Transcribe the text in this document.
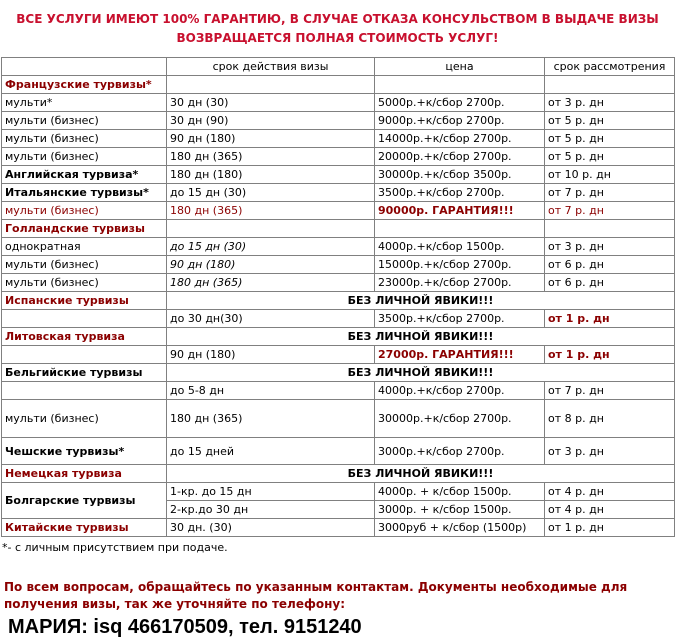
ВСЕ УСЛУГИ ИМЕЮТ 100% ГАРАНТИЮ, В СЛУЧАЕ ОТКАЗА КОНСУЛЬСТВОМ В ВЫДАЧЕ ВИЗЫ
ВОЗВРАЩАЕТСЯ ПОЛНАЯ СТОИМОСТЬ УСЛУГ!
	срок действия визы	цена	срок рассмотрения
Французские турвизы*			
мульти*	30 дн (30)	5000р.+к/сбор 2700р.	от 3 р. дн
мульти (бизнес)	30 дн (90)	9000р.+к/сбор 2700р.	от 5 р. дн
мульти (бизнес)	90 дн (180)	14000р.+к/сбор 2700р.	от 5 р. дн
мульти (бизнес)	180 дн (365)	20000р.+к/сбор 2700р.	от 5 р. дн
Английская турвиза*	180 дн (180)	30000р.+к/сбор 3500р.	от 10 р. дн
Итальянские турвизы*	до 15 дн (30)	3500р.+к/сбор 2700р.	от 7 р. дн
мульти (бизнес)	180 дн (365)	90000р. ГАРАНТИЯ!!!	от 7 р. дн
Голландские турвизы			
однократная	до 15 дн (30)	4000р.+к/сбор 1500р.	от 3 р. дн
мульти (бизнес)	90 дн (180)	15000р.+к/сбор 2700р.	от 6 р. дн
мульти (бизнес)	180 дн (365)	23000р.+к/сбор 2700р.	от 6 р. дн
Испанские турвизы	БЕЗ ЛИЧНОЙ ЯВИКИ!!!		
	до 30 дн(30)	3500р.+к/сбор 2700р.	от 1 р. дн
Литовская турвиза	БЕЗ ЛИЧНОЙ ЯВИКИ!!!		
	90 дн (180)	27000р. ГАРАНТИЯ!!!	от 1 р. дн
Бельгийские турвизы	БЕЗ ЛИЧНОЙ ЯВИКИ!!!		
	до 5-8 дн	4000р.+к/сбор 2700р.	от 7 р. дн
мульти (бизнес)	180 дн (365)	30000р.+к/сбор 2700р.	от 8 р. дн
Чешские турвизы*	до 15 дней	3000р.+к/сбор 2700р.	от 3 р. дн
Немецкая турвиза	БЕЗ ЛИЧНОЙ ЯВИКИ!!!		
Болгарские турвизы	1-кр. до 15 дн	4000р. + к/сбор 1500р.	от 4 р. дн
	2-кр.до 30 дн	3000р. + к/сбор 1500р.	от 4 р. дн
Китайские турвизы	30 дн. (30)	3000руб + к/сбор (1500р)	от 1 р. дн
*- с личным присутствием при подаче.
По всем вопросам, обращайтесь по указанным контактам. Документы необходимые для получения визы, так же уточняйте по телефону:
МАРИЯ: isq 466170509, тел. 9151240
